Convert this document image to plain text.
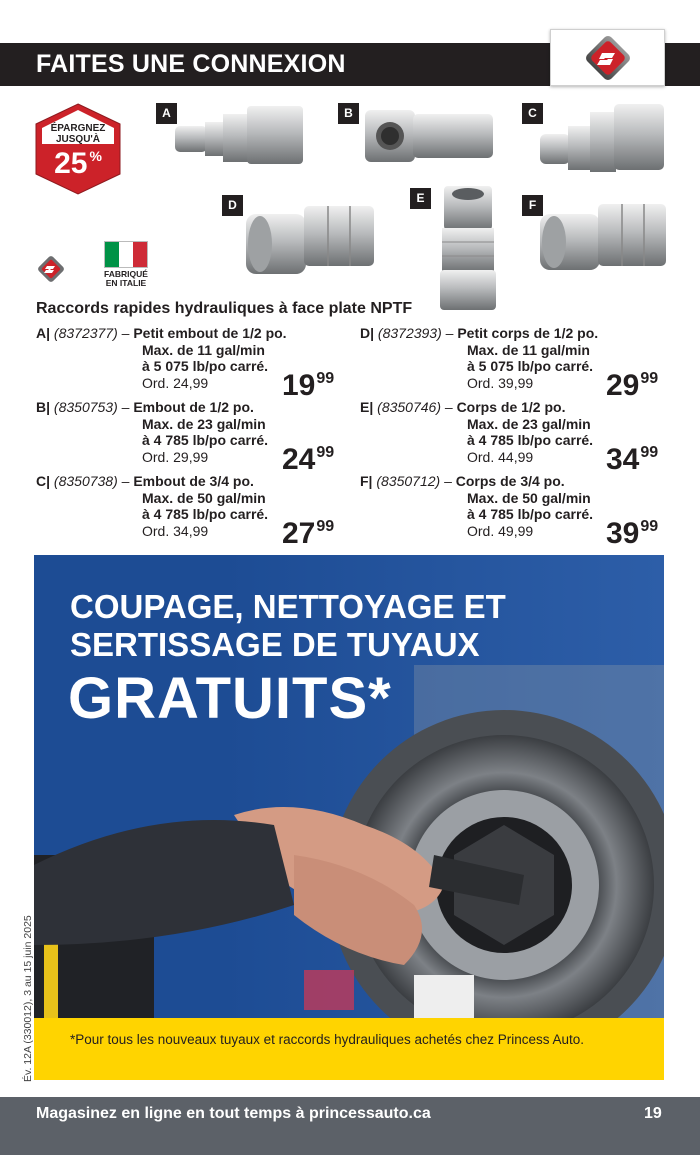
FAITES UNE CONNEXION
ÉPARGNEZ
JUSQU'À
25 %
A	B	C
D	E	F
FABRIQUÉ
EN ITALIE
Raccords rapides hydrauliques à face plate NPTF
A| (8372377) – Petit embout de 1/2 po.
Max. de 11 gal/min
à 5 075 lb/po carré.
Ord. 24,99	$19^{99}$
B| (8350753) – Embout de 1/2 po.
Max. de 23 gal/min
à 4 785 lb/po carré.
Ord. 29,99	$24^{99}$
C| (8350738) – Embout de 3/4 po.
Max. de 50 gal/min
à 4 785 lb/po carré.
Ord. 34,99	$27^{99}$
D| (8372393) – Petit corps de 1/2 po.
Max. de 11 gal/min
à 5 075 lb/po carré.
Ord. 39,99	$29^{99}$
E| (8350746) – Corps de 1/2 po.
Max. de 23 gal/min
à 4 785 lb/po carré.
Ord. 44,99	$34^{99}$
F| (8350712) – Corps de 3/4 po.
Max. de 50 gal/min
à 4 785 lb/po carré.
Ord. 49,99	$39^{99}$
COUPAGE, NETTOYAGE ET
SERTISSAGE DE TUYAUX
GRATUITS*
*Pour tous les nouveaux tuyaux et raccords hydrauliques achetés chez Princess Auto.
Év. 12A (330012), 3 au 15 juin 2025
Magasinez en ligne en tout temps à princessauto.ca	19
